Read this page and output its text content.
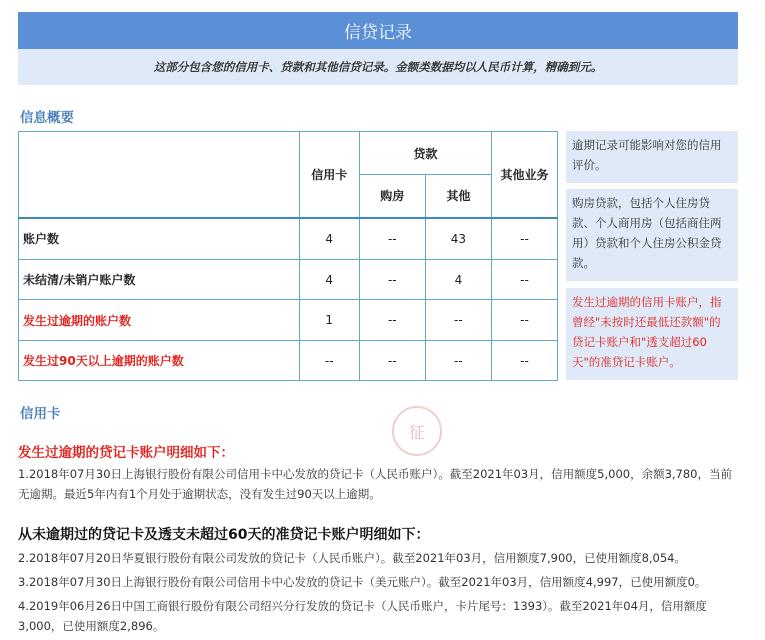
信贷记录
这部分包含您的信用卡、贷款和其他信贷记录。金额类数据均以人民币计算，精确到元。
信息概要
	信用卡	贷款		其他业务
		购房	其他	
账户数	4	--	43	--
未结清/未销户账户数	4	--	4	--
发生过逾期的账户数	1	--	--	--
发生过90天以上逾期的账户数	--	--	--	--
逾期记录可能影响对您的信用评价。
购房贷款，包括个人住房贷款、个人商用房（包括商住两用）贷款和个人住房公积金贷款。
发生过逾期的信用卡账户，指曾经"未按时还最低还款额"的贷记卡账户和"透支超过60天"的准贷记卡账户。
信用卡
征
发生过逾期的贷记卡账户明细如下：
1.2018年07月30日上海银行股份有限公司信用卡中心发放的贷记卡（人民币账户）。截至2021年03月，信用额度5,000，余额3,780，当前无逾期。最近5年内有1个月处于逾期状态，没有发生过90天以上逾期。
从未逾期过的贷记卡及透支未超过60天的准贷记卡账户明细如下：
2.2018年07月20日华夏银行股份有限公司发放的贷记卡（人民币账户）。截至2021年03月，信用额度7,900，已使用额度8,054。
3.2018年07月30日上海银行股份有限公司信用卡中心发放的贷记卡（美元账户）。截至2021年03月，信用额度4,997，已使用额度0。
4.2019年06月26日中国工商银行股份有限公司绍兴分行发放的贷记卡（人民币账户，卡片尾号：1393）。截至2021年04月，信用额度3,000，已使用额度2,896。
